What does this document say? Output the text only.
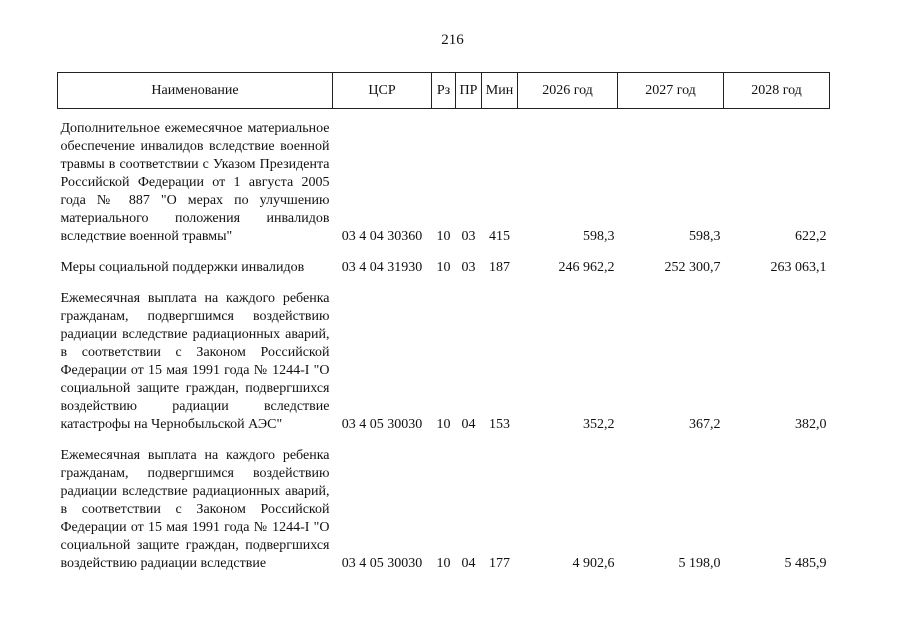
216
Наименование	ЦСР	Рз	ПР	Мин	2026 год	2027 год	2028 год
Дополнительное ежемесячное материальное обеспечение инвалидов вследствие военной травмы в соответствии с Указом Президента Российской Федерации от 1 августа 2005 года № 887 "О мерах по улучшению материального положения инвалидов вследствие военной травмы"	03 4 04 30360	10	03	415	598,3	598,3	622,2
Меры социальной поддержки инвалидов	03 4 04 31930	10	03	187	246 962,2	252 300,7	263 063,1
Ежемесячная выплата на каждого ребенка гражданам, подвергшимся воздействию радиации вследствие радиационных аварий, в соответствии с Законом Российской Федерации от 15 мая 1991 года № 1244-I "О социальной защите граждан, подвергшихся воздействию радиации вследствие катастрофы на Чернобыльской АЭС"	03 4 05 30030	10	04	153	352,2	367,2	382,0
Ежемесячная выплата на каждого ребенка гражданам, подвергшимся воздействию радиации вследствие радиационных аварий, в соответствии с Законом Российской Федерации от 15 мая 1991 года № 1244-I "О социальной защите граждан, подвергшихся воздействию радиации вследствие	03 4 05 30030	10	04	177	4 902,6	5 198,0	5 485,9
